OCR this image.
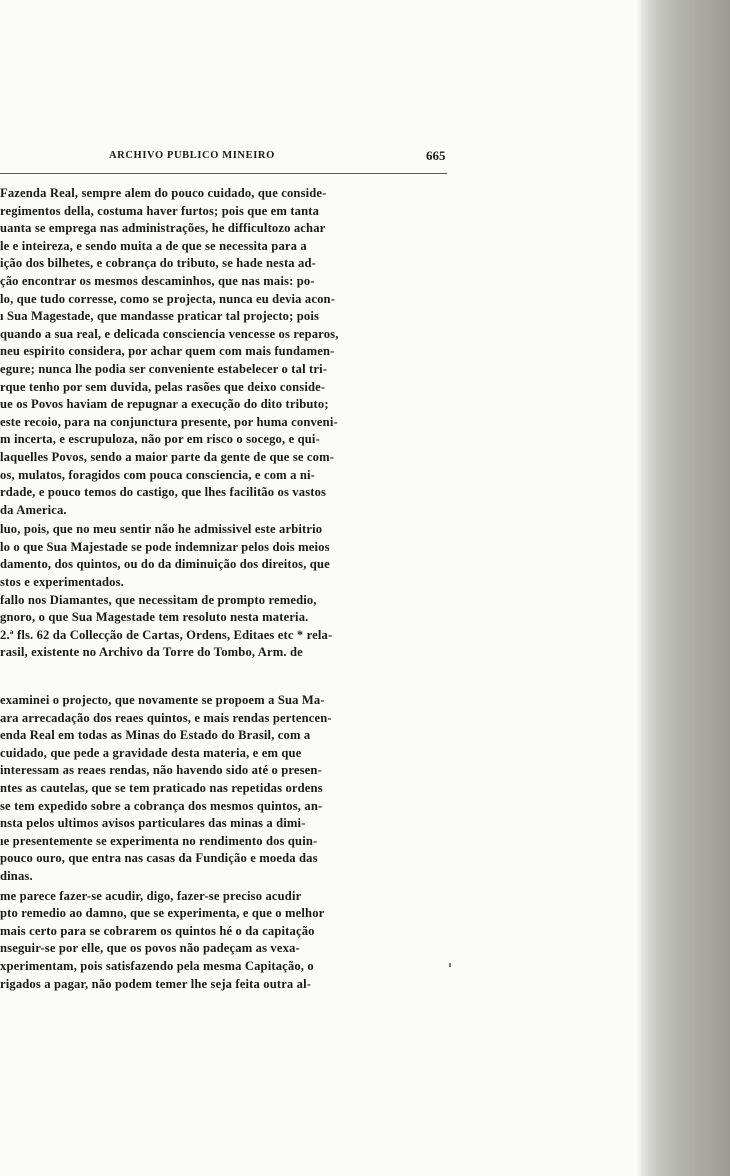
ARCHIVO PUBLICO MINEIRO	665
Fazenda Real, sempre alem do pouco cuidado, que conside-
regimentos della, costuma haver furtos; pois que em tanta
uanta se emprega nas administrações, he difficultozo achar
le e inteireza, e sendo muita a de que se necessita para a
ição dos bilhetes, e cobrança do tributo, se hade nesta ad-
ção encontrar os mesmos descaminhos, que nas mais: po-
lo, que tudo corresse, como se projecta, nunca eu devia acon-
ı Sua Magestade, que mandasse praticar tal projecto; pois
quando a sua real, e delicada consciencia vencesse os reparos,
neu espirito considera, por achar quem com mais fundamen-
egure; nunca lhe podia ser conveniente estabelecer o tal tri-
rque tenho por sem duvida, pelas rasões que deixo conside-
ue os Povos haviam de repugnar a execução do dito tributo;
este recoio, para na conjunctura presente, por huma conveni-
m incerta, e escrupuloza, não por em risco o socego, e qui-
laquelles Povos, sendo a maior parte da gente de que se com-
os, mulatos, foragidos com pouca consciencia, e com a ni-
rdade, e pouco temos do castigo, que lhes facilitão os vastos
da America.
luo, pois, que no meu sentir não he admissivel este arbitrio
lo o que Sua Majestade se pode indemnizar pelos dois meios
damento, dos quintos, ou do da diminuição dos direitos, que
stos e experimentados.
fallo nos Diamantes, que necessitam de prompto remedio,
gnoro, o que Sua Magestade tem resoluto nesta materia.
2.ª fls. 62 da Collecção de Cartas, Ordens, Editaes etc * rela-
rasil, existente no Archivo da Torre do Tombo, Arm. de
examinei o projecto, que novamente se propoem a Sua Ma-
ara arrecadação dos reaes quintos, e mais rendas pertencen-
enda Real em todas as Minas do Estado do Brasil, com a
cuidado, que pede a gravidade desta materia, e em que
interessam as reaes rendas, não havendo sido até o presen-
ntes as cautelas, que se tem praticado nas repetidas ordens
se tem expedido sobre a cobrança dos mesmos quintos, an-
nsta pelos ultimos avisos particulares das minas a dimi-
ıe presentemente se experimenta no rendimento dos quin-
pouco ouro, que entra nas casas da Fundição e moeda das
dinas.
me parece fazer-se acudir, digo, fazer-se preciso acudir
pto remedio ao damno, que se experimenta, e que o melhor
mais certo para se cobrarem os quintos hé o da capitação
nseguir-se por elle, que os povos não padeçam as vexa-
xperimentam, pois satisfazendo pela mesma Capitação, o
rigados a pagar, não podem temer lhe seja feita outra al-
